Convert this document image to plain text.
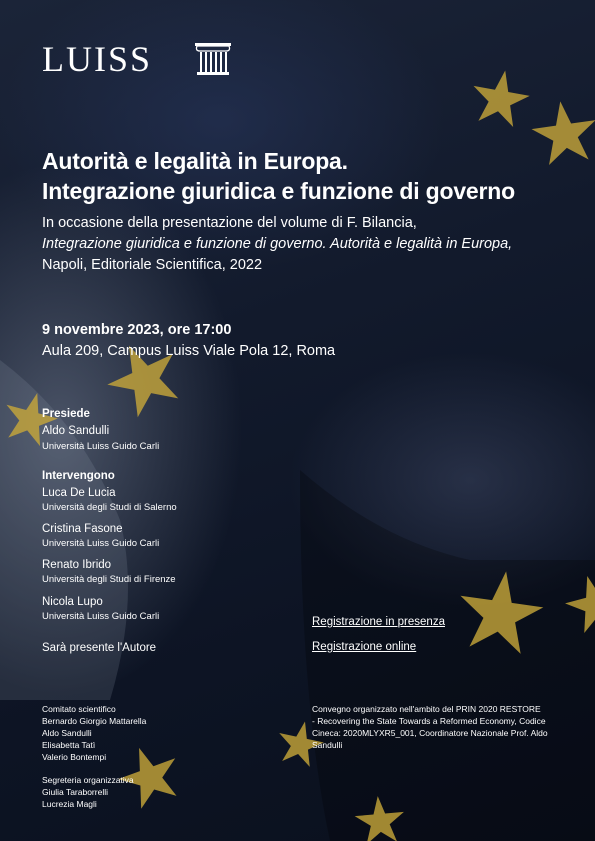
LUISS
Autorità e legalità in Europa.
Integrazione giuridica e funzione di governo
In occasione della presentazione del volume di F. Bilancia,
Integrazione giuridica e funzione di governo. Autorità e legalità in Europa,
Napoli, Editoriale Scientifica, 2022
9 novembre 2023, ore 17:00
Aula 209, Campus Luiss Viale Pola 12, Roma
Presiede
Aldo Sandulli
Università Luiss Guido Carli
Intervengono
Luca De Lucia
Università degli Studi di Salerno
Cristina Fasone
Università Luiss Guido Carli
Renato Ibrido
Università degli Studi di Firenze
Nicola Lupo
Università Luiss Guido Carli
Sarà presente l'Autore
Registrazione in presenza
Registrazione online
Comitato scientifico
Bernardo Giorgio Mattarella
Aldo Sandulli
Elisabetta Tatì
Valerio Bontempi
Segreteria organizzativa
Giulia Taraborrelli
Lucrezia Magli
Convegno organizzato nell'ambito del PRIN 2020 RESTORE
- Recovering the State Towards a Reformed Economy, Codice
Cineca: 2020MLYXR5_001, Coordinatore Nazionale Prof. Aldo
Sandulli
